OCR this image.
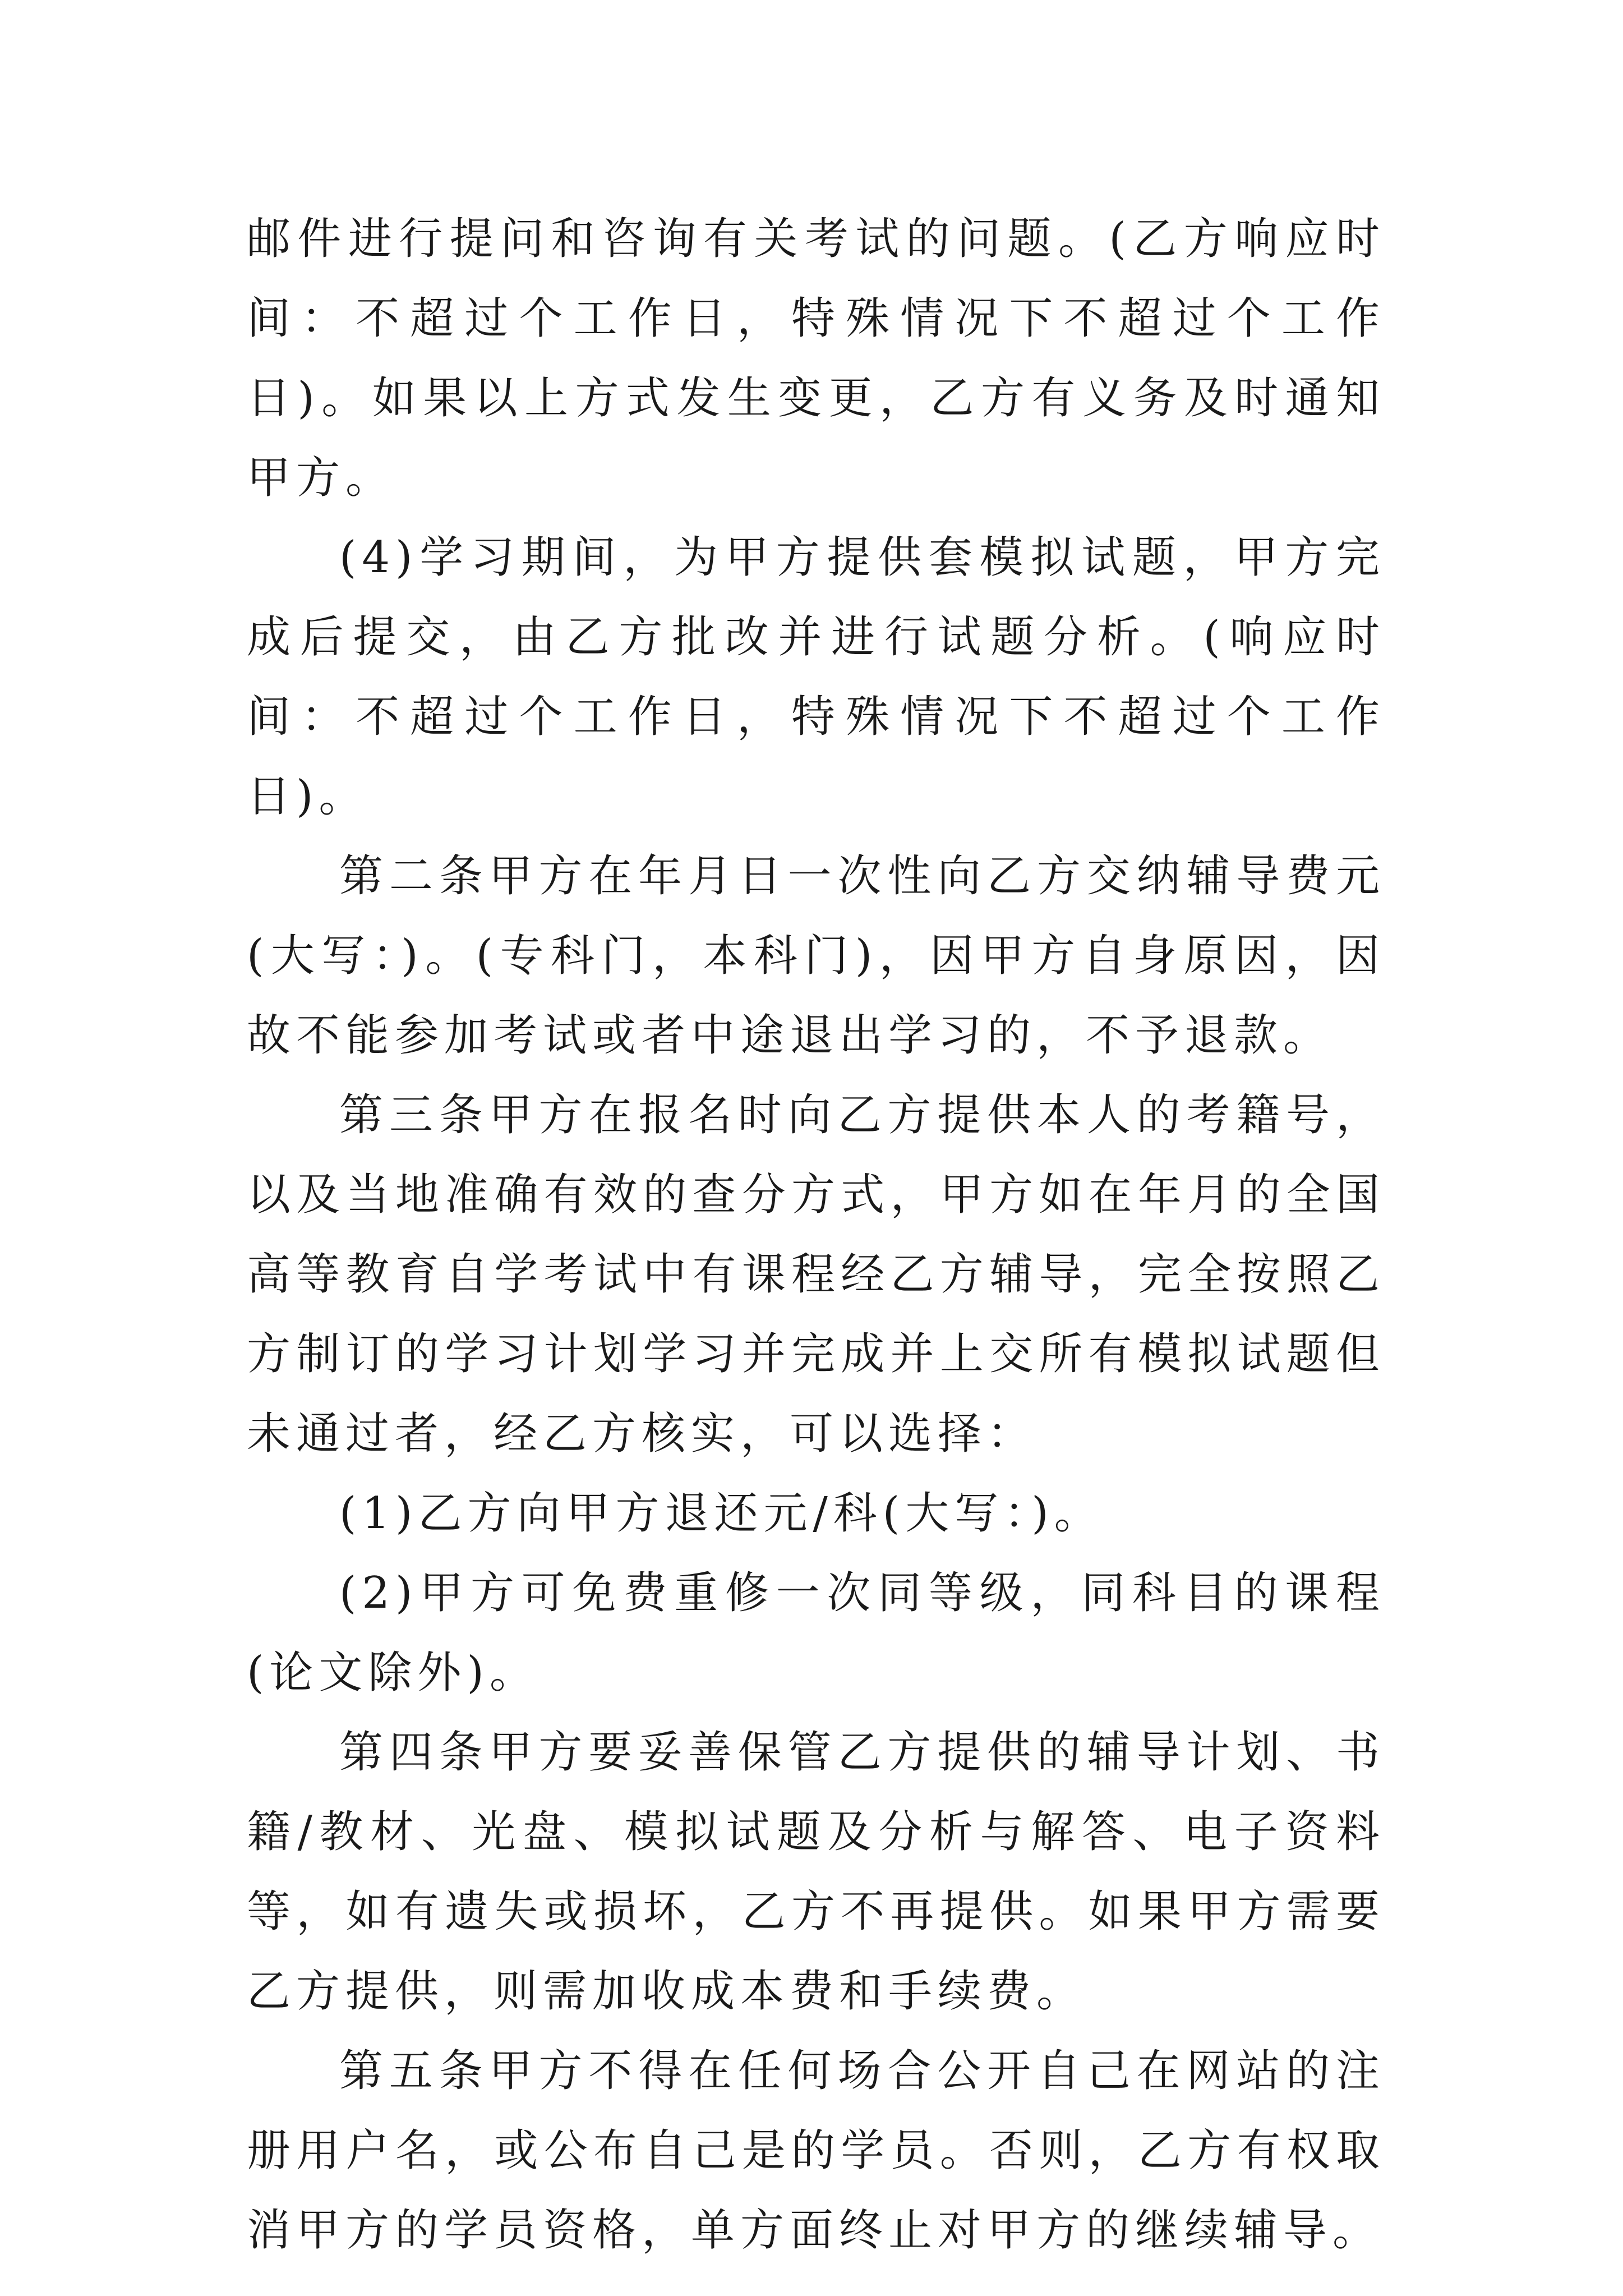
邮件进行提问和咨询有关考试的问题。(乙方响应时间：不超过个工作日，特殊情况下不超过个工作日)。如果以上方式发生变更，乙方有义务及时通知甲方。

(4)学习期间，为甲方提供套模拟试题，甲方完成后提交，由乙方批改并进行试题分析。(响应时间：不超过个工作日，特殊情况下不超过个工作日)。

第二条甲方在年月日一次性向乙方交纳辅导费元(大写：)。(专科门，本科门)，因甲方自身原因，因故不能参加考试或者中途退出学习的，不予退款。

第三条甲方在报名时向乙方提供本人的考籍号，以及当地准确有效的查分方式，甲方如在年月的全国高等教育自学考试中有课程经乙方辅导，完全按照乙方制订的学习计划学习并完成并上交所有模拟试题但未通过者，经乙方核实，可以选择：

(1)乙方向甲方退还元/科(大写：)。

(2)甲方可免费重修一次同等级，同科目的课程(论文除外)。

第四条甲方要妥善保管乙方提供的辅导计划、书籍/教材、光盘、模拟试题及分析与解答、电子资料等，如有遗失或损坏，乙方不再提供。如果甲方需要乙方提供，则需加收成本费和手续费。

第五条甲方不得在任何场合公开自己在网站的注册用户名，或公布自己是的学员。否则，乙方有权取消甲方的学员资格，单方面终止对甲方的继续辅导。
